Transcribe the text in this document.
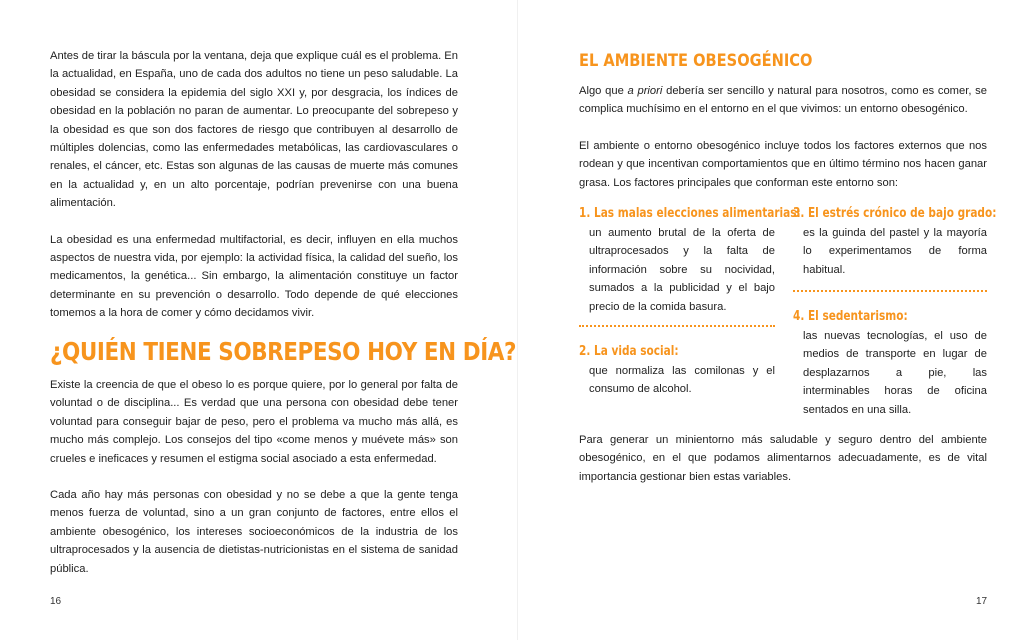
Antes de tirar la báscula por la ventana, deja que explique cuál es el problema. En la actualidad, en España, uno de cada dos adultos no tiene un peso saludable. La obesidad se considera la epidemia del siglo XXI y, por desgracia, los índices de obesidad en la población no paran de aumentar. Lo preocupante del sobrepeso y la obesidad es que son dos factores de riesgo que contribuyen al desarrollo de múltiples dolencias, como las enfermedades metabólicas, las cardiovasculares o renales, el cáncer, etc. Estas son algunas de las causas de muerte más comunes en la actualidad y, en un alto porcentaje, podrían prevenirse con una buena alimentación.

La obesidad es una enfermedad multifactorial, es decir, influyen en ella muchos aspectos de nuestra vida, por ejemplo: la actividad física, la calidad del sueño, los medicamentos, la genética... Sin embargo, la alimentación constituye un factor determinante en su prevención o desarrollo. Todo depende de qué elecciones tomemos a la hora de comer y cómo decidamos vivir.

¿QUIÉN TIENE SOBREPESO HOY EN DÍA?

Existe la creencia de que el obeso lo es porque quiere, por lo general por falta de voluntad o de disciplina... Es verdad que una persona con obesidad debe tener voluntad para conseguir bajar de peso, pero el problema va mucho más allá, es mucho más complejo. Los consejos del tipo «come menos y muévete más» son crueles e ineficaces y resumen el estigma social asociado a esta enfermedad.

Cada año hay más personas con obesidad y no se debe a que la gente tenga menos fuerza de voluntad, sino a un gran conjunto de factores, entre ellos el ambiente obesogénico, los intereses socioeconómicos de la industria de los ultraprocesados y la ausencia de dietistas-nutricionistas en el sistema de sanidad pública.

16
EL AMBIENTE OBESOGÉNICO

Algo que a priori debería ser sencillo y natural para nosotros, como es comer, se complica muchísimo en el entorno en el que vivimos: un entorno obesogénico.

El ambiente o entorno obesogénico incluye todos los factores externos que nos rodean y que incentivan comportamientos que en último término nos hacen ganar grasa. Los factores principales que conforman este entorno son:

1. Las malas elecciones alimentarias:

un aumento brutal de la oferta de ultraprocesados y la falta de información sobre su nocividad, sumados a la publicidad y el bajo precio de la comida basura.

2. La vida social:

que normaliza las comilonas y el consumo de alcohol.

3. El estrés crónico de bajo grado:

es la guinda del pastel y la mayoría lo experimentamos de forma habitual.

4. El sedentarismo:

las nuevas tecnologías, el uso de medios de transporte en lugar de desplazarnos a pie, las interminables horas de oficina sentados en una silla.

Para generar un minientorno más saludable y seguro dentro del ambiente obesogénico, en el que podamos alimentarnos adecuadamente, es de vital importancia gestionar bien estas variables.

17
